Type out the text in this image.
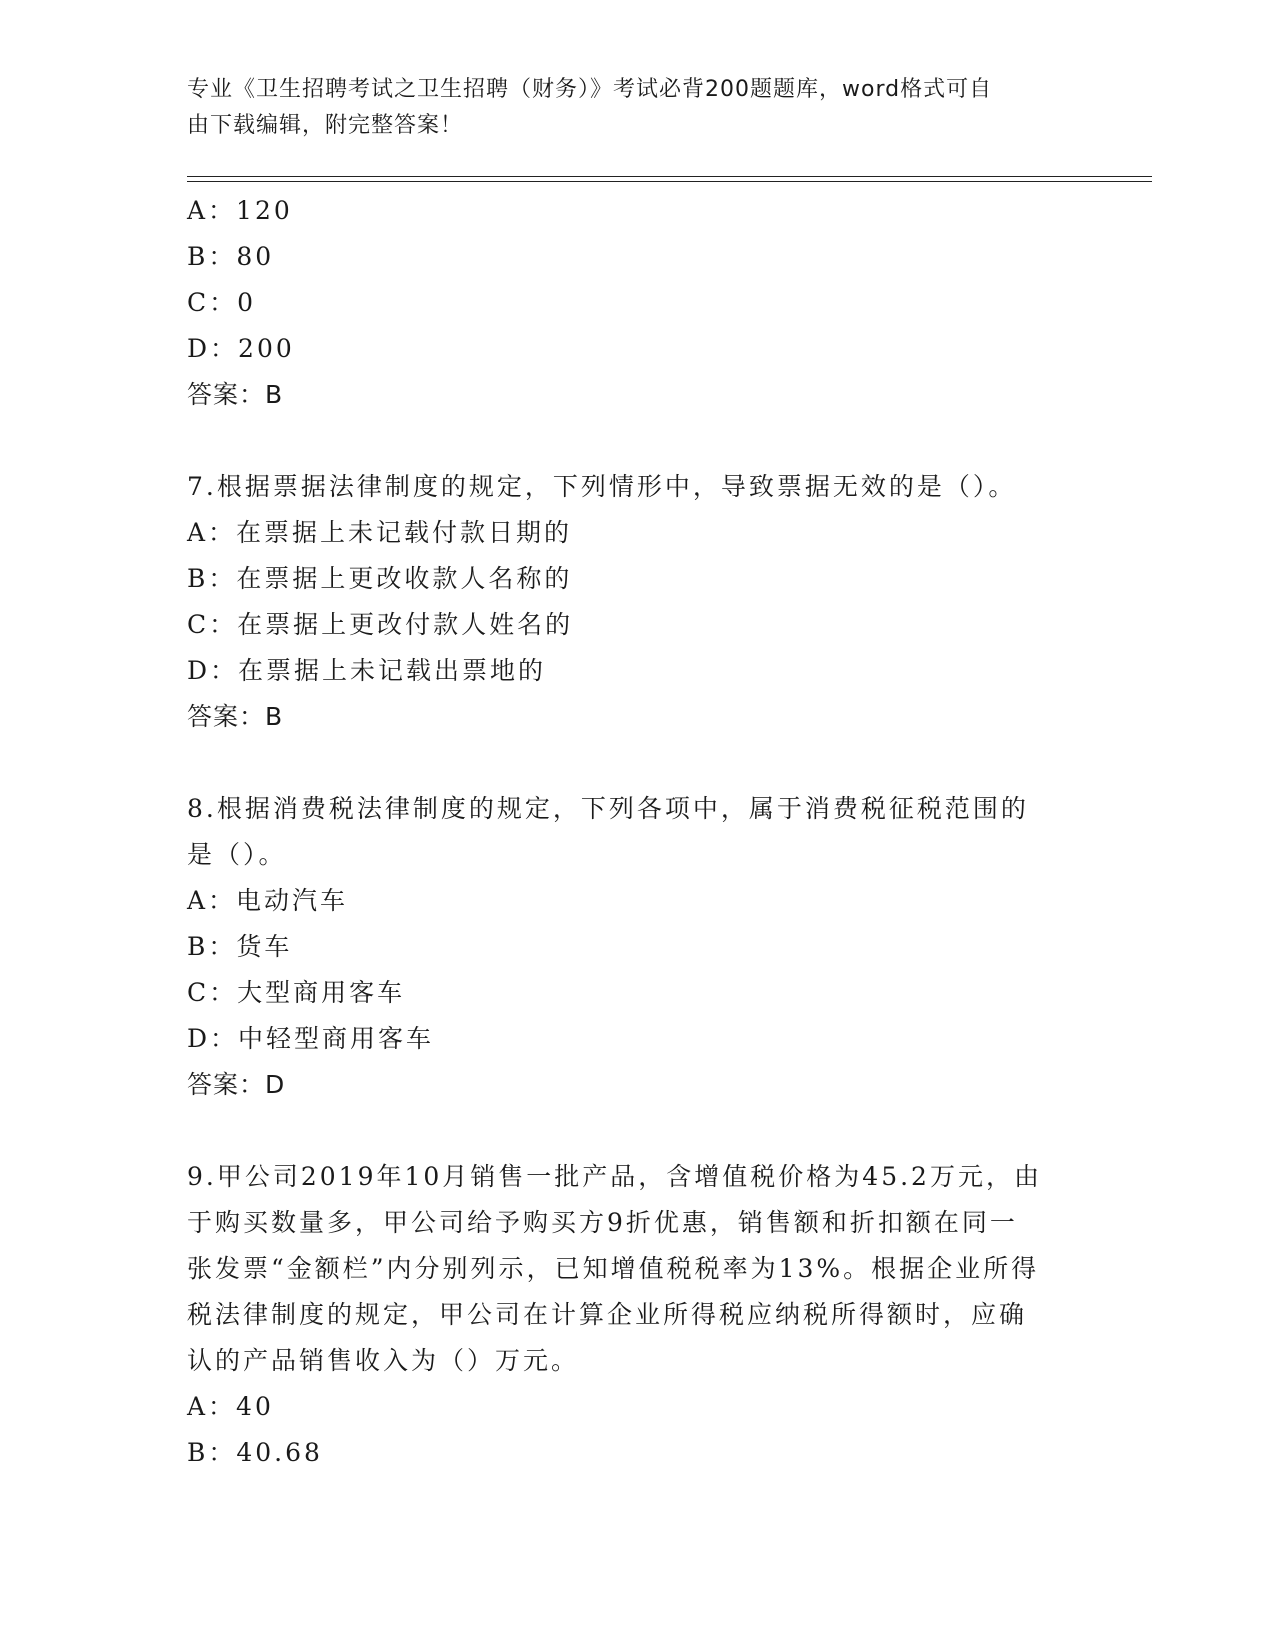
专业《卫生招聘考试之卫生招聘（财务）》考试必背200题题库，word格式可自
由下载编辑，附完整答案！
A：120
B：80
C：0
D：200
答案：B
7.根据票据法律制度的规定，下列情形中，导致票据无效的是（）。
A：在票据上未记载付款日期的
B：在票据上更改收款人名称的
C：在票据上更改付款人姓名的
D：在票据上未记载出票地的
答案：B
8.根据消费税法律制度的规定，下列各项中，属于消费税征税范围的
是（）。
A：电动汽车
B：货车
C：大型商用客车
D：中轻型商用客车
答案：D
9.甲公司2019年10月销售一批产品，含增值税价格为45.2万元，由
于购买数量多，甲公司给予购买方9折优惠，销售额和折扣额在同一
张发票“金额栏”内分别列示，已知增值税税率为13%。根据企业所得
税法律制度的规定，甲公司在计算企业所得税应纳税所得额时，应确
认的产品销售收入为（）万元。
A：40
B：40.68
